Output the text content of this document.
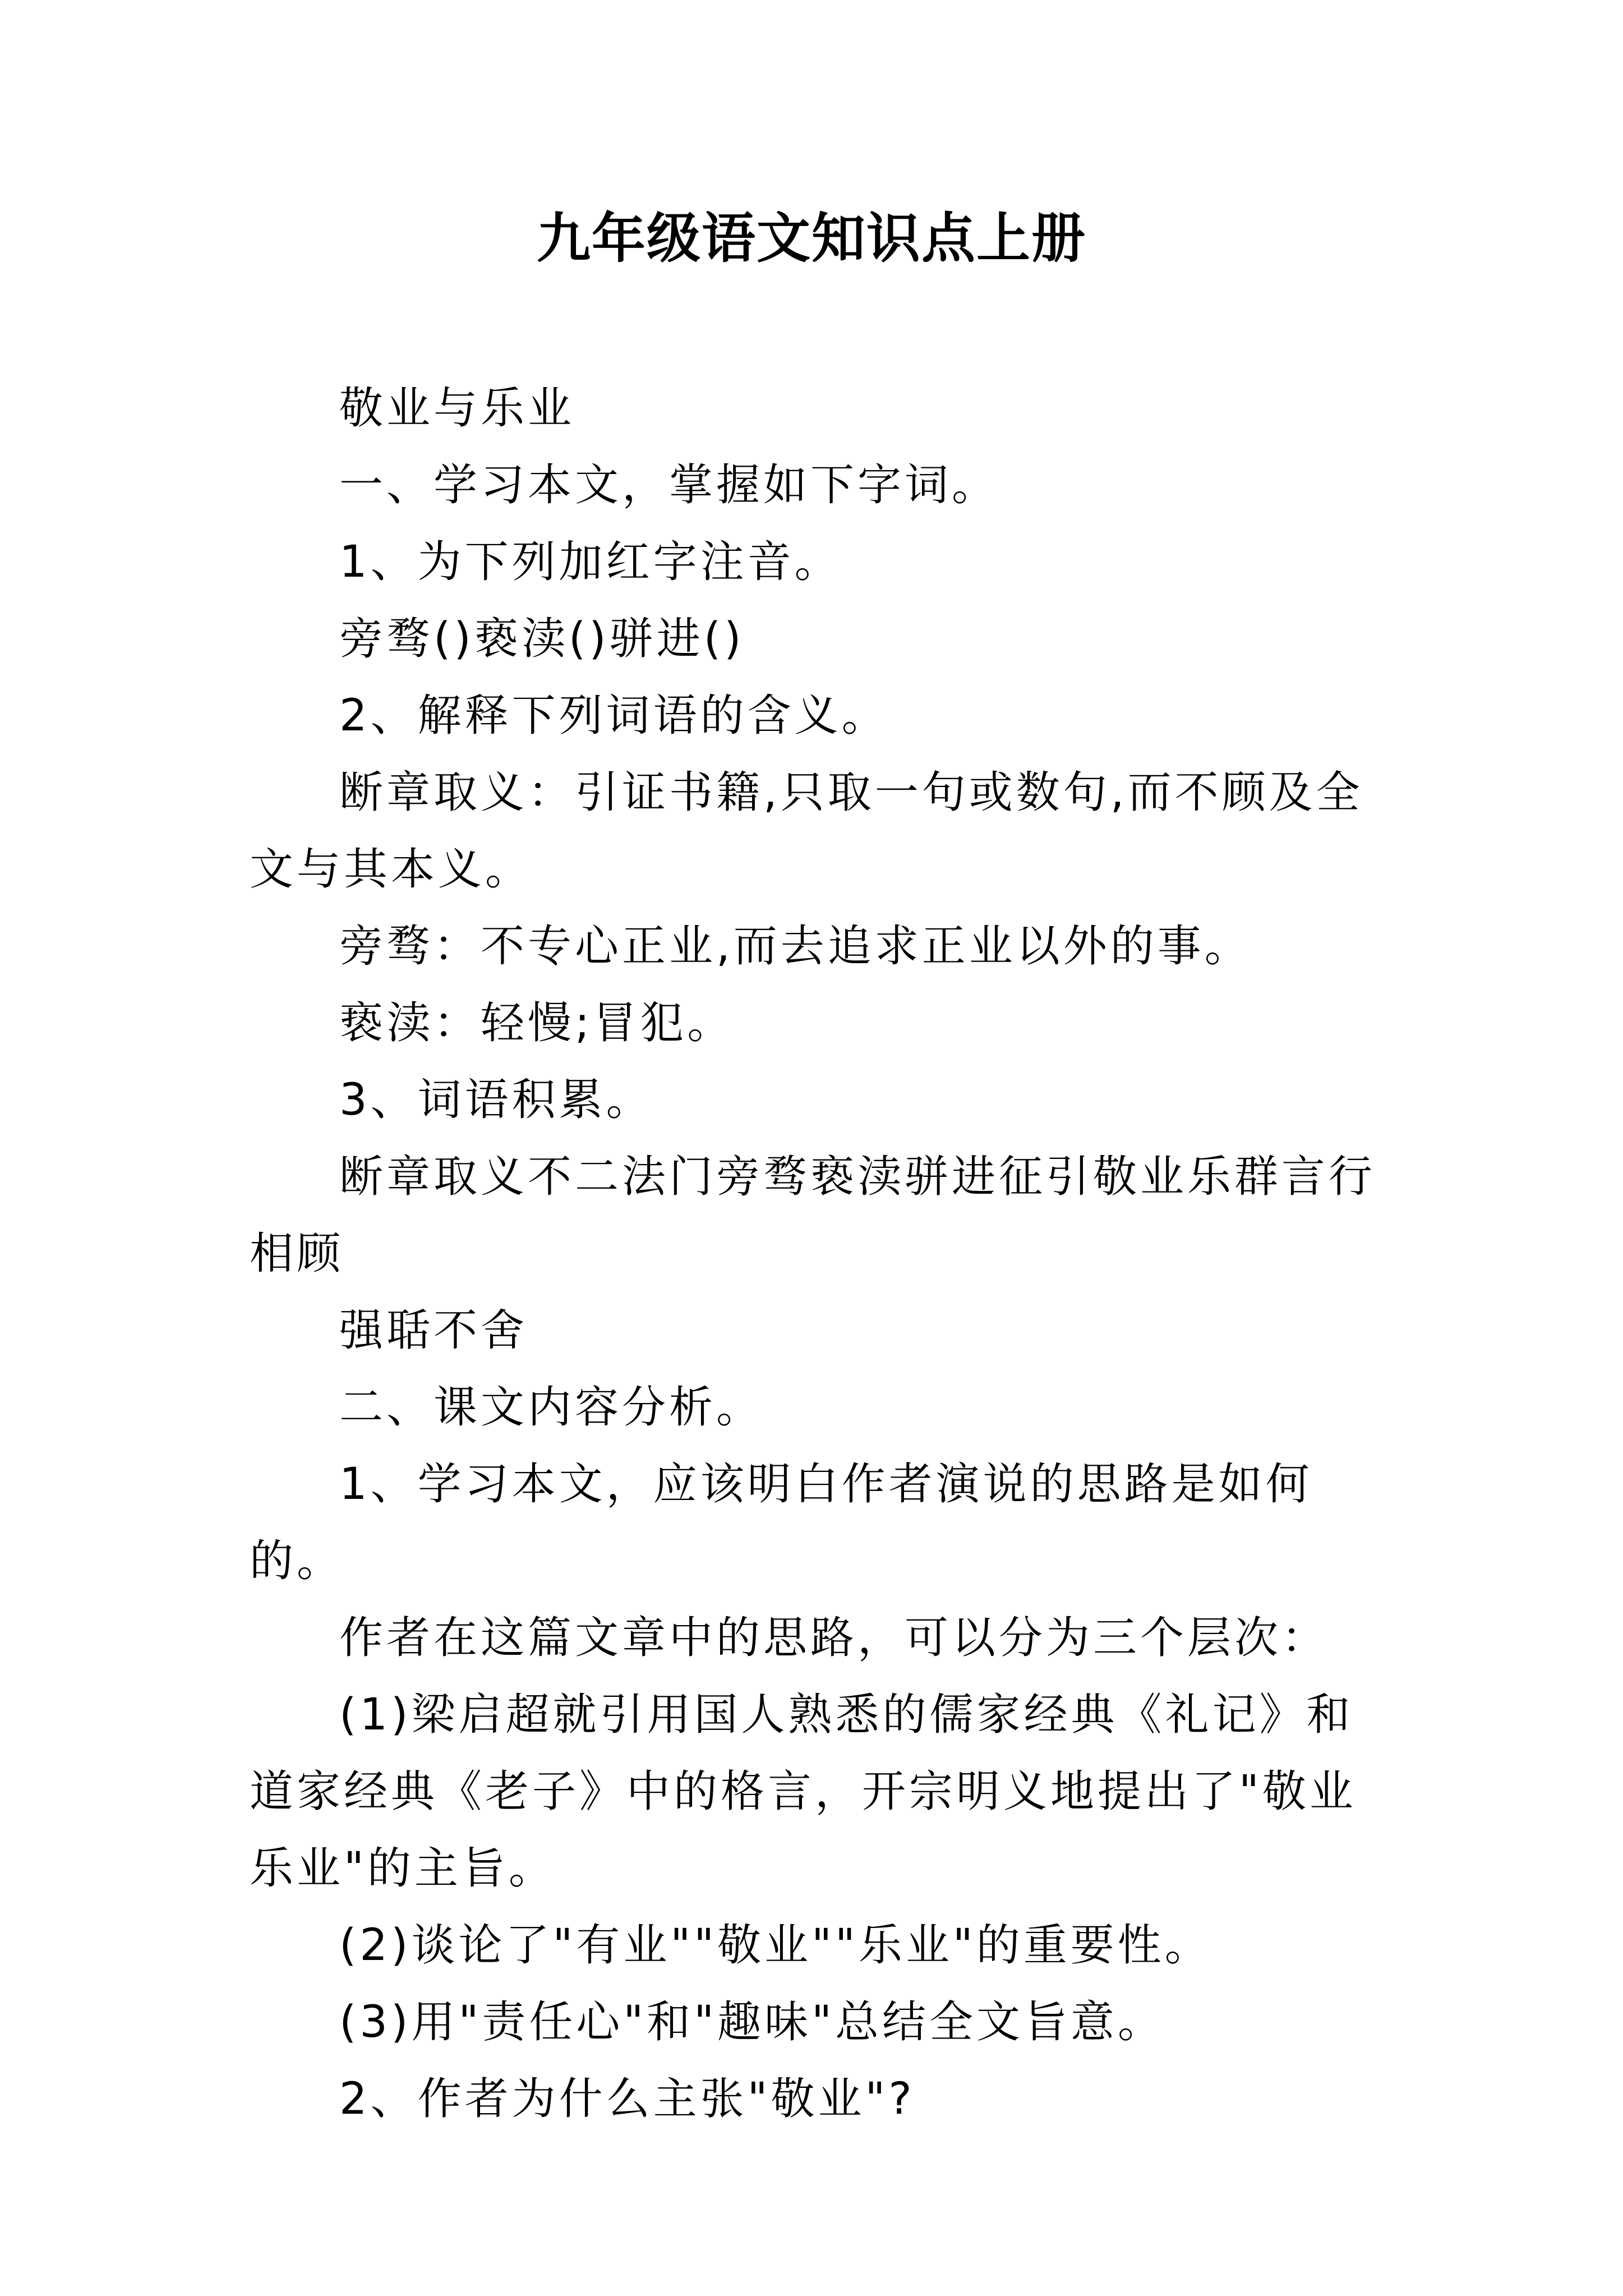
九年级语文知识点上册

敬业与乐业

一、学习本文，掌握如下字词。

1、为下列加红字注音。

旁骛()亵渎()骈进()

2、解释下列词语的含义。

断章取义：引证书籍,只取一句或数句,而不顾及全文与其本义。

旁骛：不专心正业,而去追求正业以外的事。

亵渎：轻慢;冒犯。

3、词语积累。

断章取义不二法门旁骛亵渎骈进征引敬业乐群言行相顾

强聒不舍

二、课文内容分析。

1、学习本文，应该明白作者演说的思路是如何的。

作者在这篇文章中的思路，可以分为三个层次：

(1)梁启超就引用国人熟悉的儒家经典《礼记》和道家经典《老子》中的格言，开宗明义地提出了"敬业乐业"的主旨。

(2)谈论了"有业""敬业""乐业"的重要性。

(3)用"责任心"和"趣味"总结全文旨意。

2、作者为什么主张"敬业"?
